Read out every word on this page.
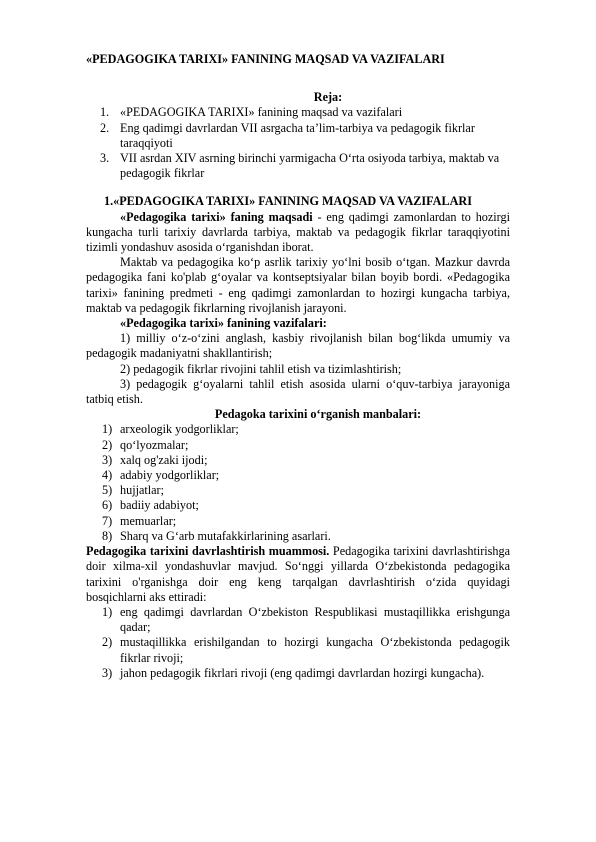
«PEDAGOGIKA TARIXI» FANINING MAQSAD VA VAZIFALARI

Reja:
1. «PEDAGOGIKA TARIXI» fanining maqsad va vazifalari
2. Eng qadimgi davrlardan VII asrgacha ta’lim-tarbiya va pedagogik fikrlar taraqqiyoti
3. VII asrdan XIV asrning birinchi yarmigacha O‘rta osiyoda tarbiya, maktab va pedagogik fikrlar
1.«PEDAGOGIKA TARIXI» FANINING MAQSAD VA VAZIFALARI

«Pedagogika tarixi» faning maqsadi - eng qadimgi zamonlardan to hozirgi kungacha turli tarixiy davrlarda tarbiya, maktab va pedagogik fikrlar taraqqiyotini tizimli yondashuv asosida o‘rganishdan iborat.

Maktab va pedagogika ko‘p asrlik tarixiy yo‘lni bosib o‘tgan. Mazkur davrda pedagogika fani ko'plab g‘oyalar va kontseptsiyalar bilan boyib bordi. «Pedagogika tarixi» fanining predmeti - eng qadimgi zamonlardan to hozirgi kungacha tarbiya, maktab va pedagogik fikrlarning rivojlanish jarayoni.

«Pedagogika tarixi» fanining vazifalari:

1) milliy o‘z-o‘zini anglash, kasbiy rivojlanish bilan bog‘likda umumiy va pedagogik madaniyatni shakllantirish;

2) pedagogik fikrlar rivojini tahlil etish va tizimlashtirish;

3) pedagogik g‘oyalarni tahlil etish asosida ularni o‘quv-tarbiya jarayoniga tatbiq etish.

Pedagoka tarixini o‘rganish manbalari:
1) arxeologik yodgorliklar;
2) qo‘lyozmalar;
3) xalq og'zaki ijodi;
4) adabiy yodgorliklar;
5) hujjatlar;
6) badiiy adabiyot;
7) memuarlar;
8) Sharq va G‘arb mutafakkirlarining asarlari.

Pedagogika tarixini davrlashtirish muammosi. Pedagogika tarixini davrlashtirishga doir xilma-xil yondashuvlar mavjud. So‘nggi yillarda O‘zbekistonda pedagogika tarixini o'rganishga doir eng keng tarqalgan davrlashtirish o‘zida quyidagi bosqichlarni aks ettiradi:

1) eng qadimgi davrlardan O‘zbekiston Respublikasi mustaqillikka erishgunga qadar;
2) mustaqillikka erishilgandan to hozirgi kungacha O‘zbekistonda pedagogik fikrlar rivoji;
3) jahon pedagogik fikrlari rivoji (eng qadimgi davrlardan hozirgi kungacha).
